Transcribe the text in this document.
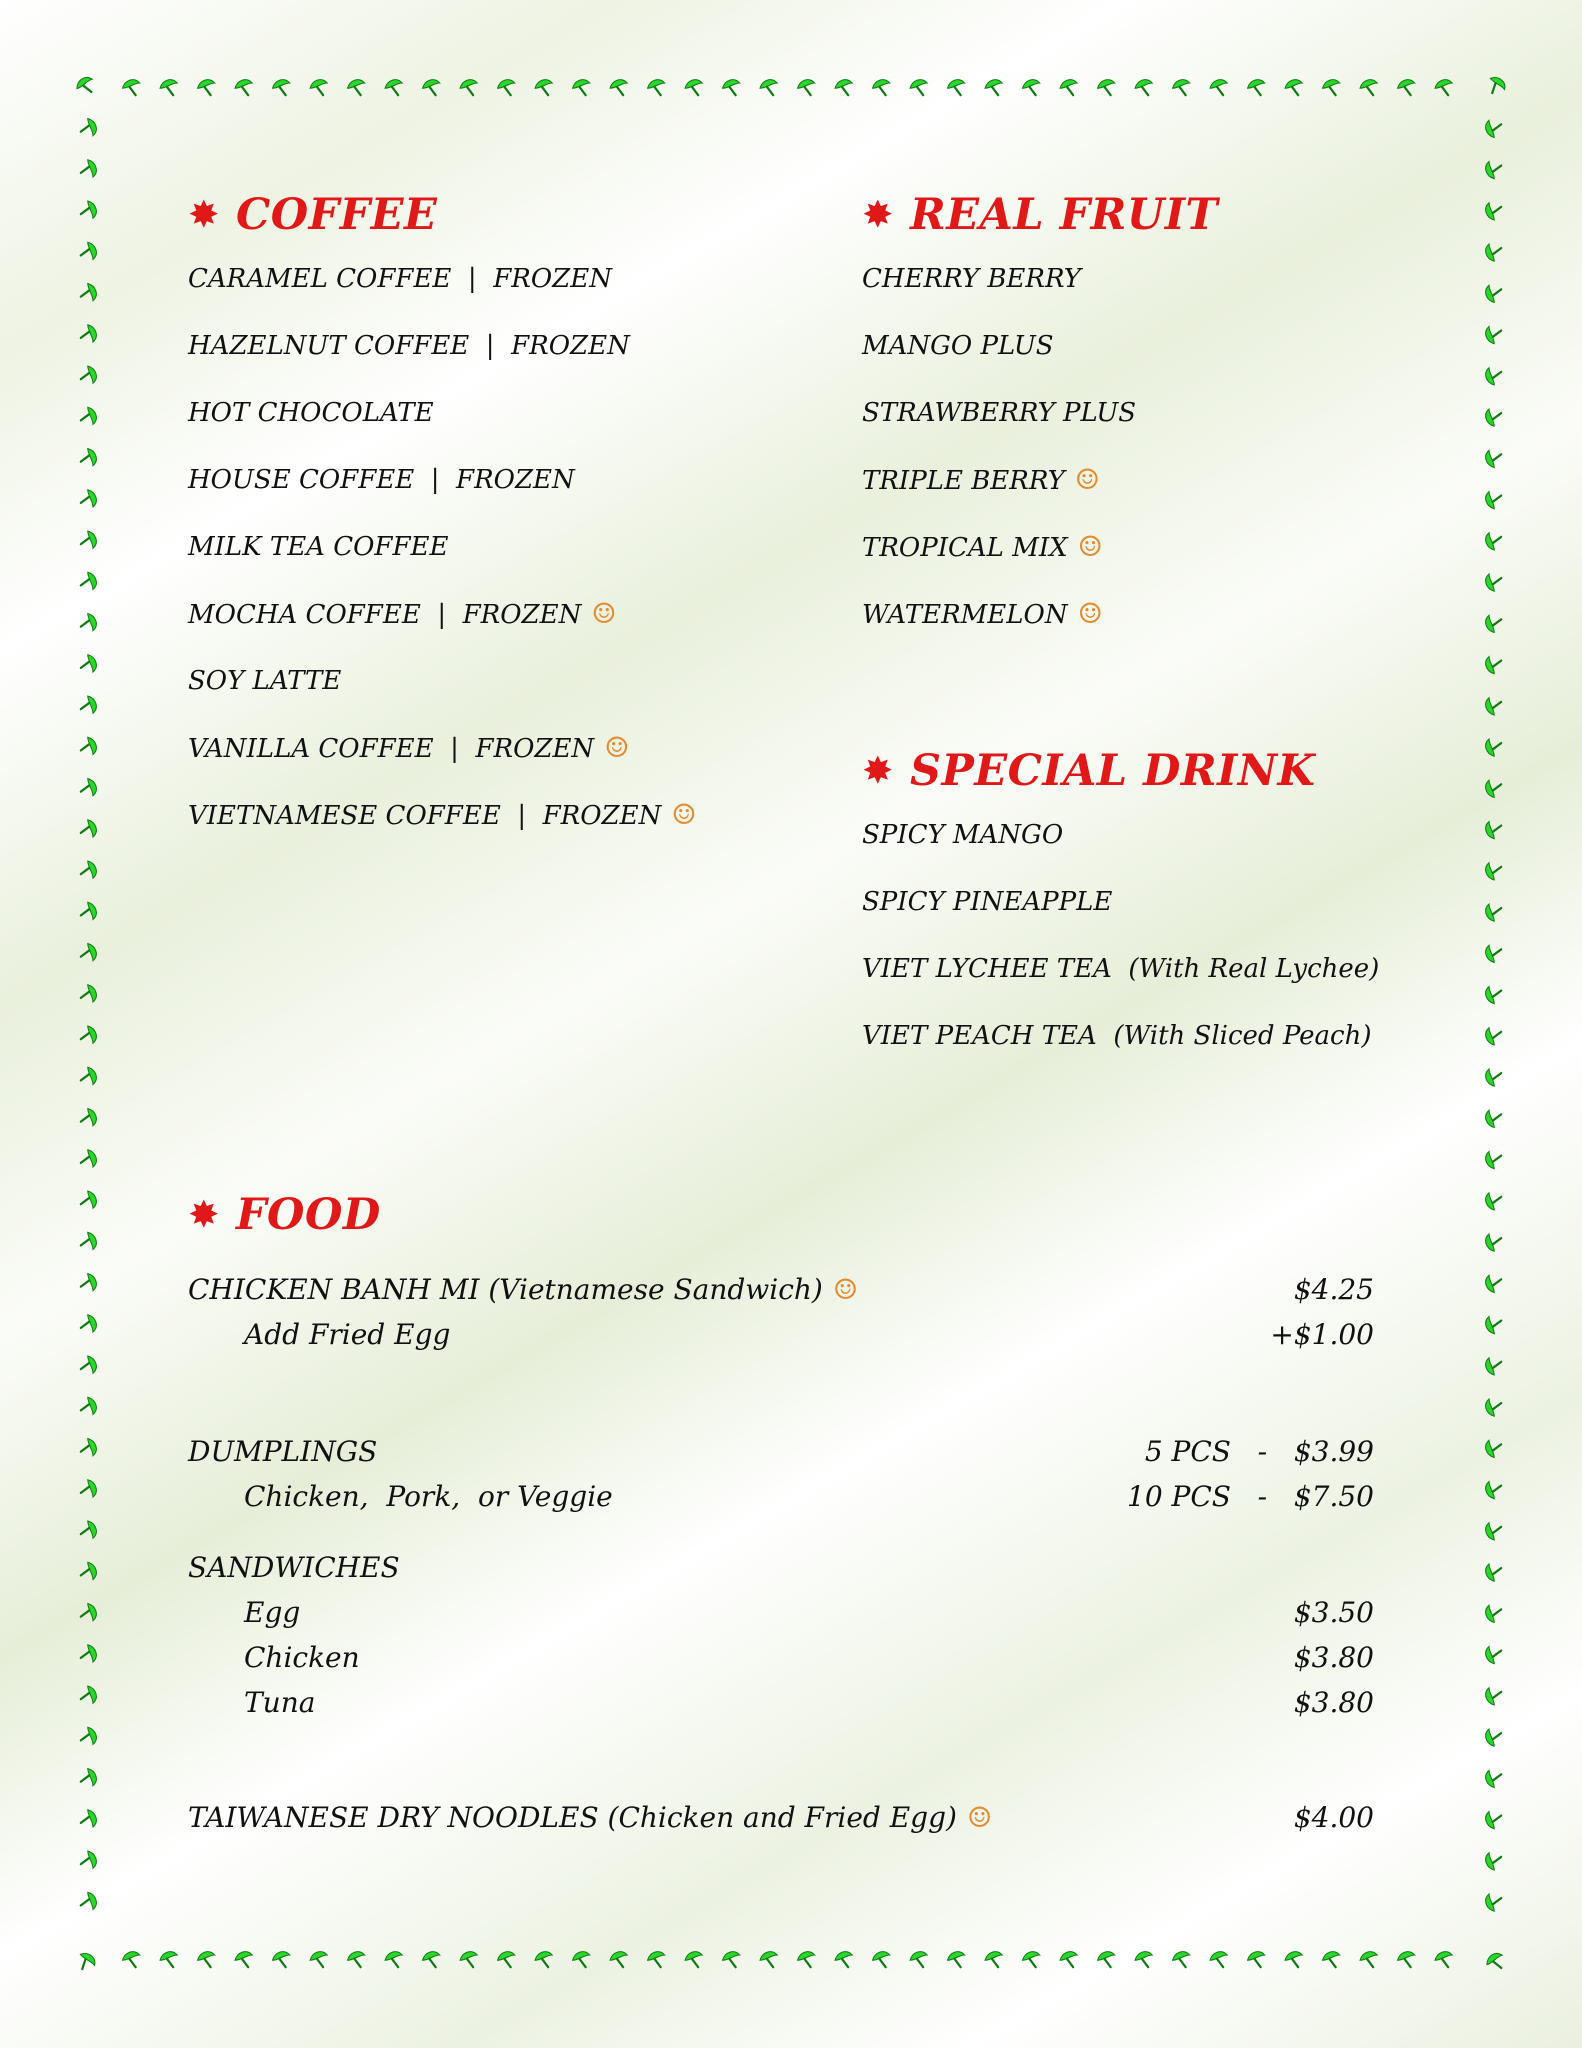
✸ COFFEE
CARAMEL COFFEE  |  FROZEN
HAZELNUT COFFEE  |  FROZEN
HOT CHOCOLATE
HOUSE COFFEE  |  FROZEN
MILK TEA COFFEE
MOCHA COFFEE  |  FROZEN ☺
SOY LATTE
VANILLA COFFEE  |  FROZEN ☺
VIETNAMESE COFFEE  |  FROZEN ☺
✸ REAL FRUIT
CHERRY BERRY
MANGO PLUS
STRAWBERRY PLUS
TRIPLE BERRY ☺
TROPICAL MIX ☺
WATERMELON ☺
✸ SPECIAL DRINK
SPICY MANGO
SPICY PINEAPPLE
VIET LYCHEE TEA  (With Real Lychee)
VIET PEACH TEA  (With Sliced Peach)
✸ FOOD
CHICKEN BANH MI (Vietnamese Sandwich) ☺	$4.25
Add Fried Egg	+$1.00
DUMPLINGS	5 PCS   -   $3.99
Chicken,  Pork,  or Veggie	10 PCS   -   $7.50
SANDWICHES
Egg	$3.50
Chicken	$3.80
Tuna	$3.80
TAIWANESE DRY NOODLES (Chicken and Fried Egg) ☺	$4.00
